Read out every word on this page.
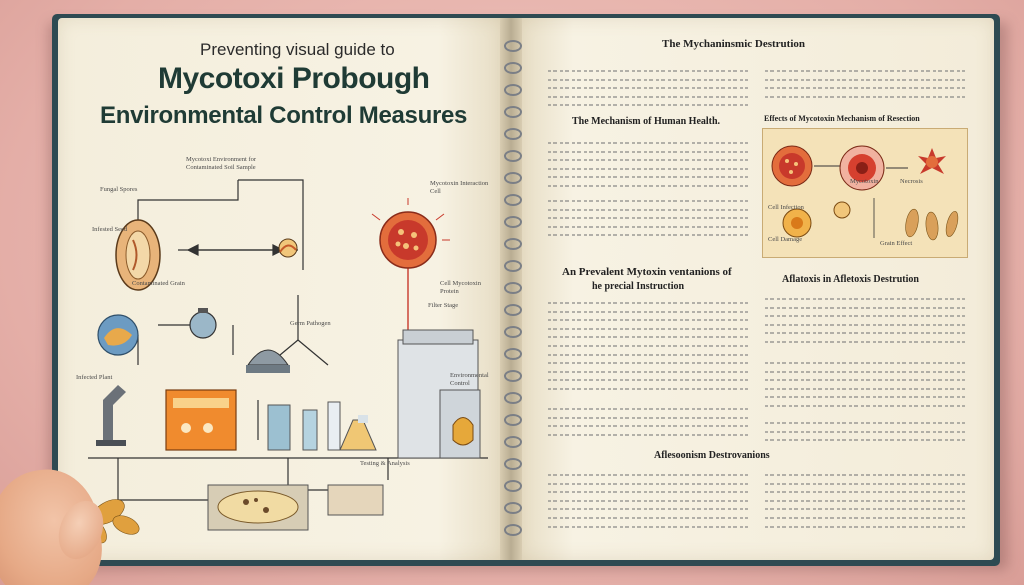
Preventing visual guide to
Mycotoxi Probough
Environmental Control Measures
Mycotoxi Environment for Contaminated Soil Sample
Fungal Spores
Infested Seed
Contaminated Grain
Mycotoxin Interaction Cell
Cell Mycotoxin Protein
Germ Pathogen
Infected Plant
Filter Stage
Environmental Control
Testing & Analysis
The Mychaninsmic Destrution
The Mechanism of Human Health.	Effects of Mycotoxin Mechanism of Resection
Cell Infection
Mycotoxin	Necrosis
Cell Damage
Grain Effect
An Prevalent Mytoxin ventanions of
he precial Instruction
Aflatoxis in Afletoxis Destrution
Aflesoonism Destrovanions
